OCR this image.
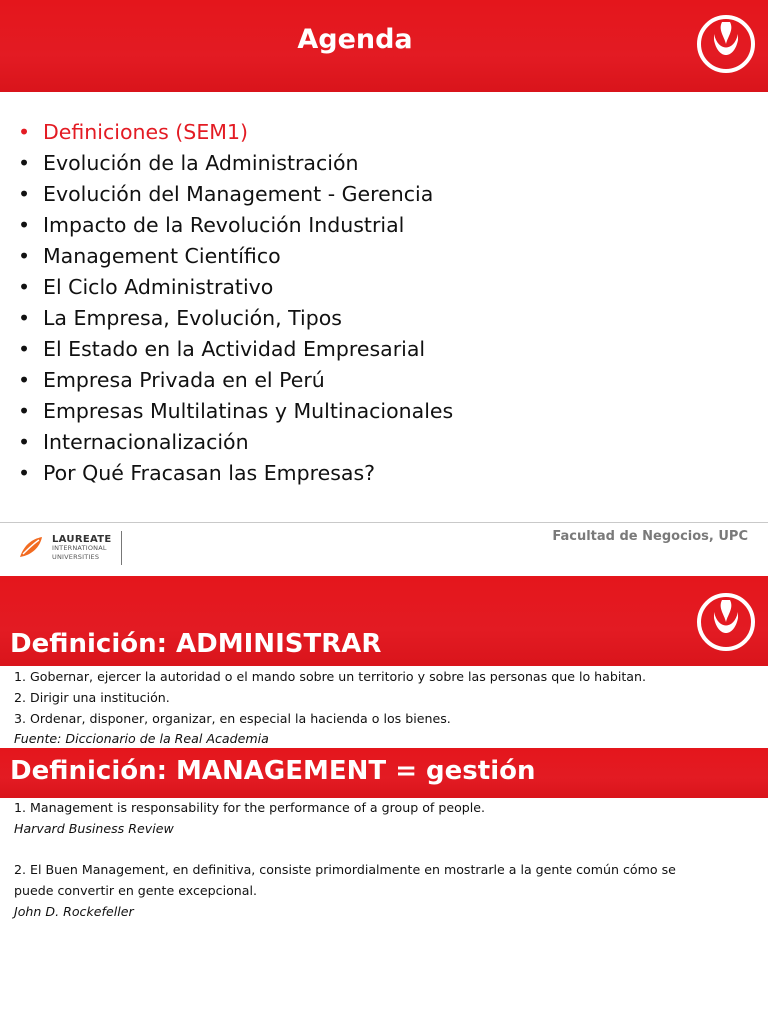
Agenda
• Definiciones (SEM1)
• Evolución de la Administración
• Evolución del Management - Gerencia
• Impacto de la Revolución Industrial
• Management Científico
• El Ciclo Administrativo
• La Empresa, Evolución, Tipos
• El Estado en la Actividad Empresarial
• Empresa Privada en el Perú
• Empresas Multilatinas y Multinacionales
• Internacionalización
• Por Qué Fracasan las Empresas?
LAUREATE
INTERNATIONAL
UNIVERSITIES
Facultad de Negocios, UPC
Definición: ADMINISTRAR
1. Gobernar, ejercer la autoridad o el mando sobre un territorio y sobre las personas que lo habitan.
2. Dirigir una institución.
3. Ordenar, disponer, organizar, en especial la hacienda o los bienes.
Fuente: Diccionario de la Real Academia
Definición: MANAGEMENT = gestión
1. Management is responsability for the performance of a group of people.
Harvard Business Review
2. El Buen Management, en definitiva, consiste primordialmente en mostrarle a la gente común cómo se
puede convertir en gente excepcional.
John D. Rockefeller
